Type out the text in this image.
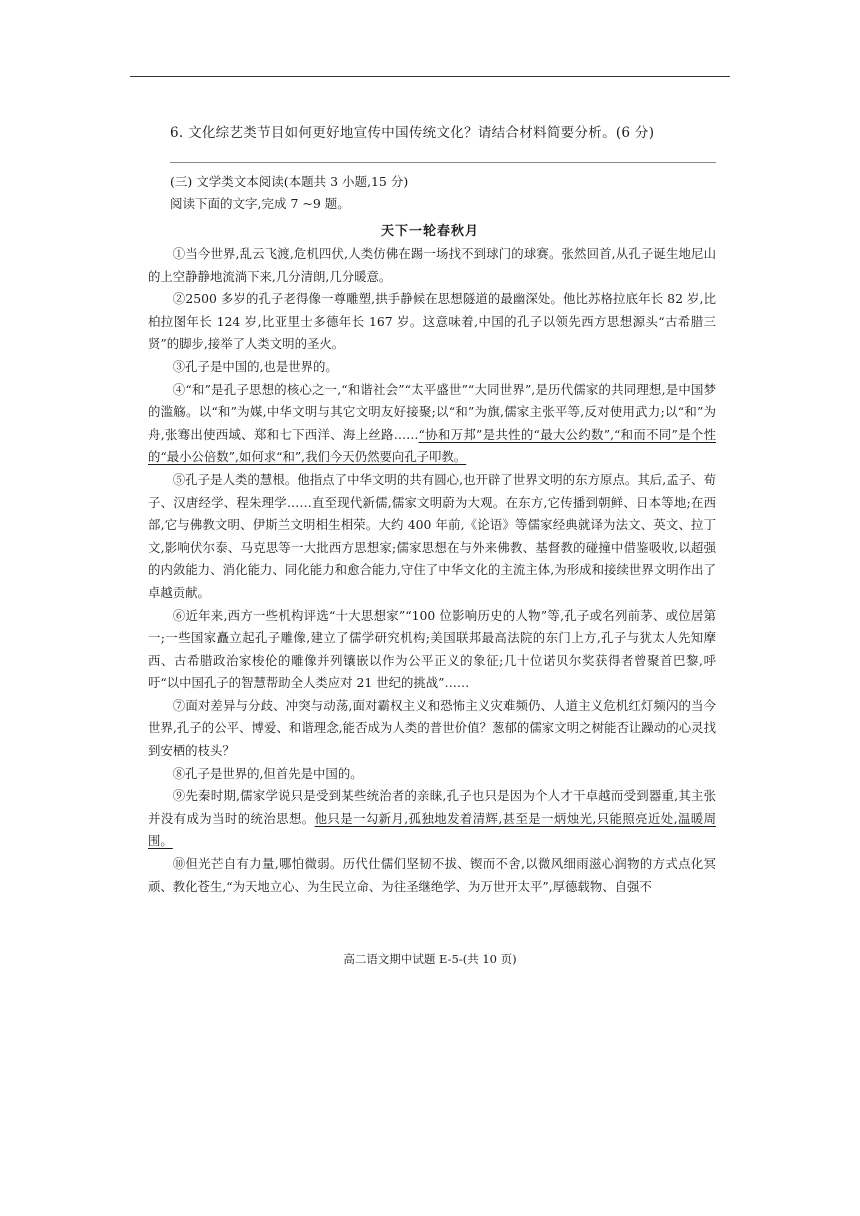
6. 文化综艺类节目如何更好地宣传中国传统文化？请结合材料简要分析。(6 分)
(三) 文学类文本阅读(本题共 3 小题,15 分)
阅读下面的文字,完成 7 ~9 题。
天下一轮春秋月

①当今世界,乱云飞渡,危机四伏,人类仿佛在踢一场找不到球门的球赛。张然回首,从孔子诞生地尼山的上空静静地流淌下来,几分清朗,几分暖意。

②2500 多岁的孔子老得像一尊雕塑,拱手静候在思想隧道的最幽深处。他比苏格拉底年长 82 岁,比柏拉图年长 124 岁,比亚里士多德年长 167 岁。这意味着,中国的孔子以领先西方思想源头“古希腊三贤”的脚步,接举了人类文明的圣火。

③孔子是中国的,也是世界的。

④“和”是孔子思想的核心之一,“和谐社会”“太平盛世”“大同世界”,是历代儒家的共同理想,是中国梦的滥觞。以“和”为媒,中华文明与其它文明友好接聚;以“和”为旗,儒家主张平等,反对使用武力;以“和”为舟,张骞出使西域、郑和七下西洋、海上丝路……“协和万邦”是共性的“最大公约数”,“和而不同”是个性的“最小公倍数”,如何求“和”,我们今天仍然要向孔子叩教。

⑤孔子是人类的慧根。他指点了中华文明的共有圆心,也开辟了世界文明的东方原点。其后,孟子、荀子、汉唐经学、程朱理学……直至现代新儒,儒家文明蔚为大观。在东方,它传播到朝鲜、日本等地;在西部,它与佛教文明、伊斯兰文明相生相荣。大约 400 年前,《论语》等儒家经典就译为法文、英文、拉丁文,影响伏尔泰、马克思等一大批西方思想家;儒家思想在与外来佛教、基督教的碰撞中借鉴吸收,以超强的内敛能力、消化能力、同化能力和愈合能力,守住了中华文化的主流主体,为形成和接续世界文明作出了卓越贡献。

⑥近年来,西方一些机构评选“十大思想家”“100 位影响历史的人物”等,孔子或名列前茅、或位居第一;一些国家矗立起孔子雕像,建立了儒学研究机构;美国联邦最高法院的东门上方,孔子与犹太人先知摩西、古希腊政治家梭伦的雕像并列镶嵌以作为公平正义的象征;几十位诺贝尔奖获得者曾聚首巴黎,呼吁“以中国孔子的智慧帮助全人类应对 21 世纪的挑战”……

⑦面对差异与分歧、冲突与动荡,面对霸权主义和恐怖主义灾难频仍、人道主义危机红灯频闪的当今世界,孔子的公平、博爱、和谐理念,能否成为人类的普世价值？葱郁的儒家文明之树能否让躁动的心灵找到安栖的枝头？

⑧孔子是世界的,但首先是中国的。

⑨先秦时期,儒家学说只是受到某些统治者的亲睐,孔子也只是因为个人才干卓越而受到器重,其主张并没有成为当时的统治思想。他只是一勾新月,孤独地发着清辉,甚至是一炳烛光,只能照亮近处,温暖周围。

⑩但光芒自有力量,哪怕微弱。历代仕儒们坚韧不拔、锲而不舍,以微风细雨滋心润物的方式点化冥顽、教化苍生,“为天地立心、为生民立命、为往圣继绝学、为万世开太平”,厚德载物、自强不

高二语文期中试题 E-5-(共 10 页)
